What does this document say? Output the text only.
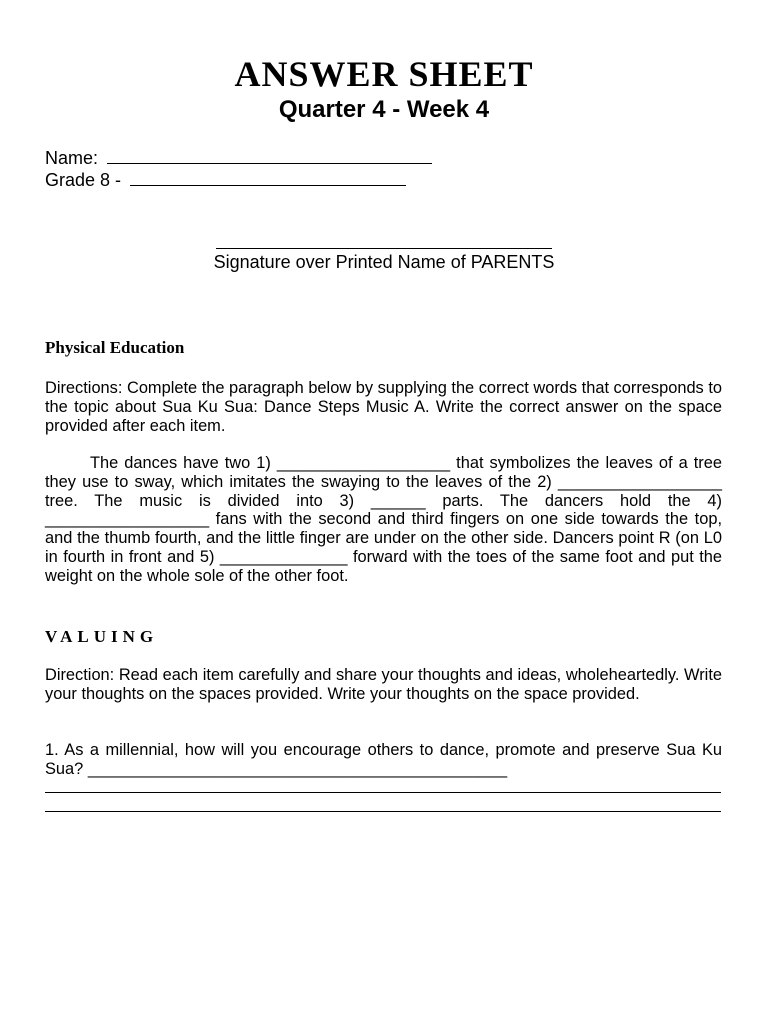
ANSWER SHEET
Quarter 4 - Week 4
Name:
Grade 8 -
Signature over Printed Name of PARENTS
Physical Education

Directions: Complete the paragraph below by supplying the correct words that corresponds to the topic about Sua Ku Sua: Dance Steps Music A. Write the correct answer on the space provided after each item.

The dances have two 1) ___________________ that symbolizes the leaves of a tree they use to sway, which imitates the swaying to the leaves of the 2) __________________ tree. The music is divided into 3) ______ parts. The dancers hold the 4) __________________ fans with the second and third fingers on one side towards the top, and the thumb fourth, and the little finger are under on the other side. Dancers point R (on L0 in fourth in front and 5) ______________ forward with the toes of the same foot and put the weight on the whole sole of the other foot.

VALUING

Direction: Read each item carefully and share your thoughts and ideas, wholeheartedly. Write your thoughts on the spaces provided. Write your thoughts on the space provided.

1. As a millennial, how will you encourage others to dance, promote and preserve Sua Ku Sua? ______________________________________________
